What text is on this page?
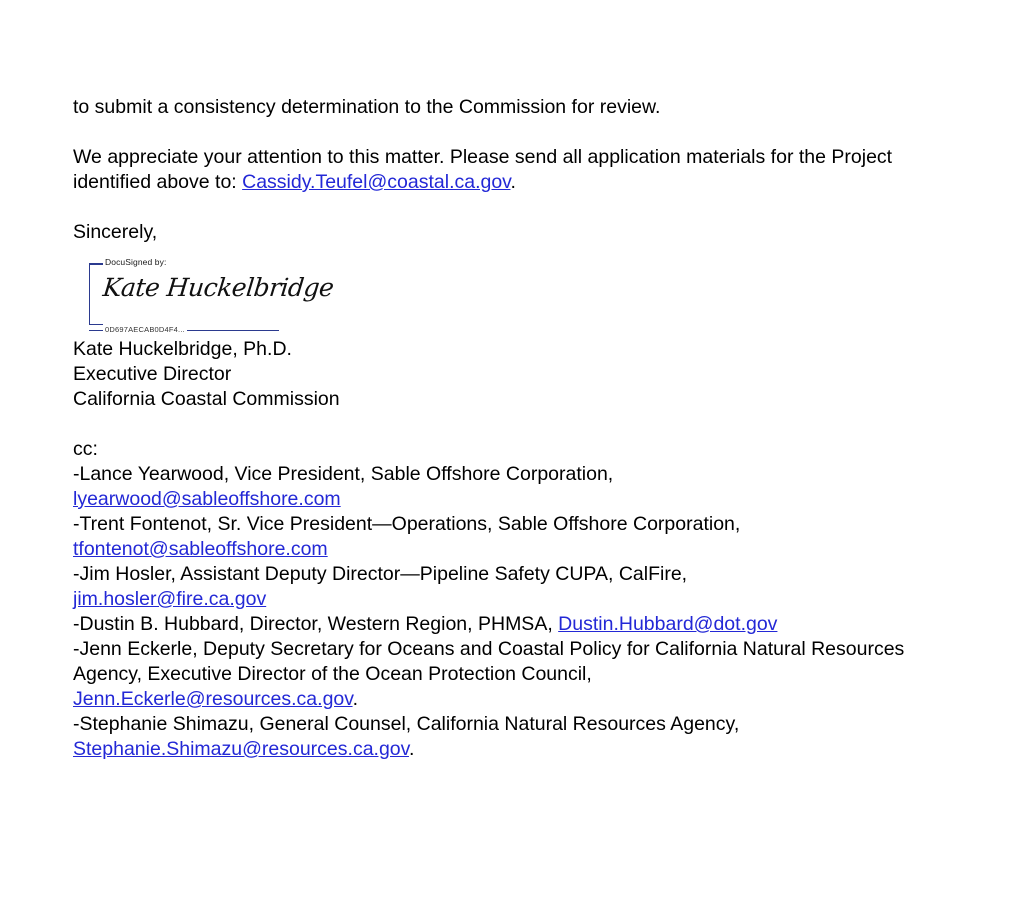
to submit a consistency determination to the Commission for review.

We appreciate your attention to this matter. Please send all application materials for the Project identified above to: Cassidy.Teufel@coastal.ca.gov.

Sincerely,

DocuSigned by:
Kate Huckelbridge
0D697AECAB0D4F4...

Kate Huckelbridge, Ph.D.

Executive Director

California Coastal Commission

cc:

-Lance Yearwood, Vice President, Sable Offshore Corporation,
lyearwood@sableoffshore.com

-Trent Fontenot, Sr. Vice President—Operations, Sable Offshore Corporation,
tfontenot@sableoffshore.com

-Jim Hosler, Assistant Deputy Director—Pipeline Safety CUPA, CalFire,
jim.hosler@fire.ca.gov

-Dustin B. Hubbard, Director, Western Region, PHMSA, Dustin.Hubbard@dot.gov

-Jenn Eckerle, Deputy Secretary for Oceans and Coastal Policy for California Natural Resources Agency, Executive Director of the Ocean Protection Council,
Jenn.Eckerle@resources.ca.gov.

-Stephanie Shimazu, General Counsel, California Natural Resources Agency,
Stephanie.Shimazu@resources.ca.gov.
